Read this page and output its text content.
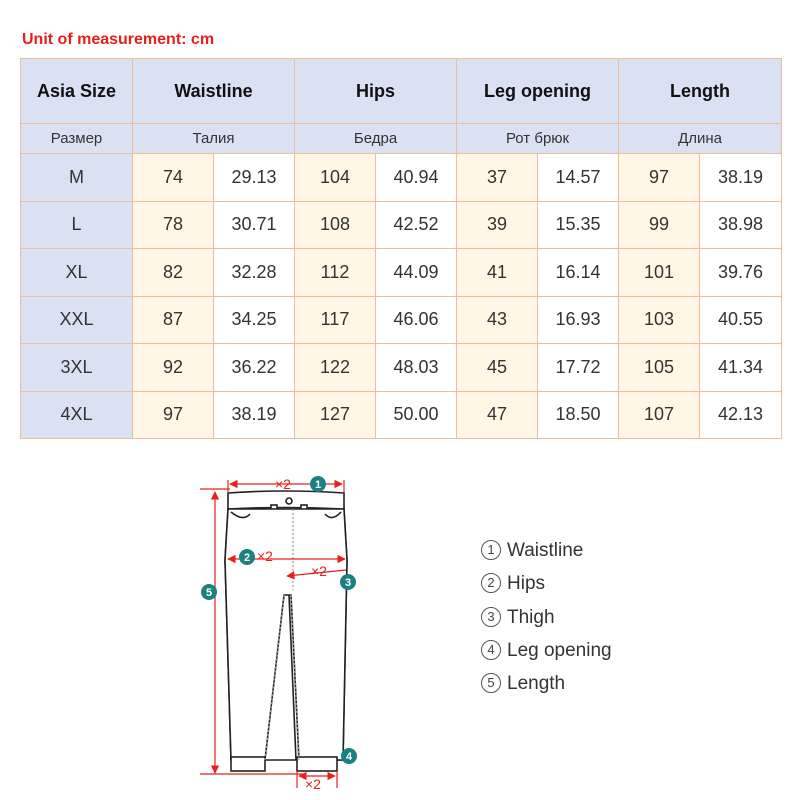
Unit of measurement: cm
Asia Size	Waistline		Hips		Leg opening		Length	
Размер	Талия		Бедра		Рот брюк		Длина	
M	74	29.13	104	40.94	37	14.57	97	38.19
L	78	30.71	108	42.52	39	15.35	99	38.98
XL	82	32.28	112	44.09	41	16.14	101	39.76
XXL	87	34.25	117	46.06	43	16.93	103	40.55
3XL	92	36.22	122	48.03	45	17.72	105	41.34
4XL	97	38.19	127	50.00	47	18.50	107	42.13
×2
×2
×2
×2
1
2
3
4
5
1 Waistline
2 Hips
3 Thigh
4 Leg opening
5 Length
